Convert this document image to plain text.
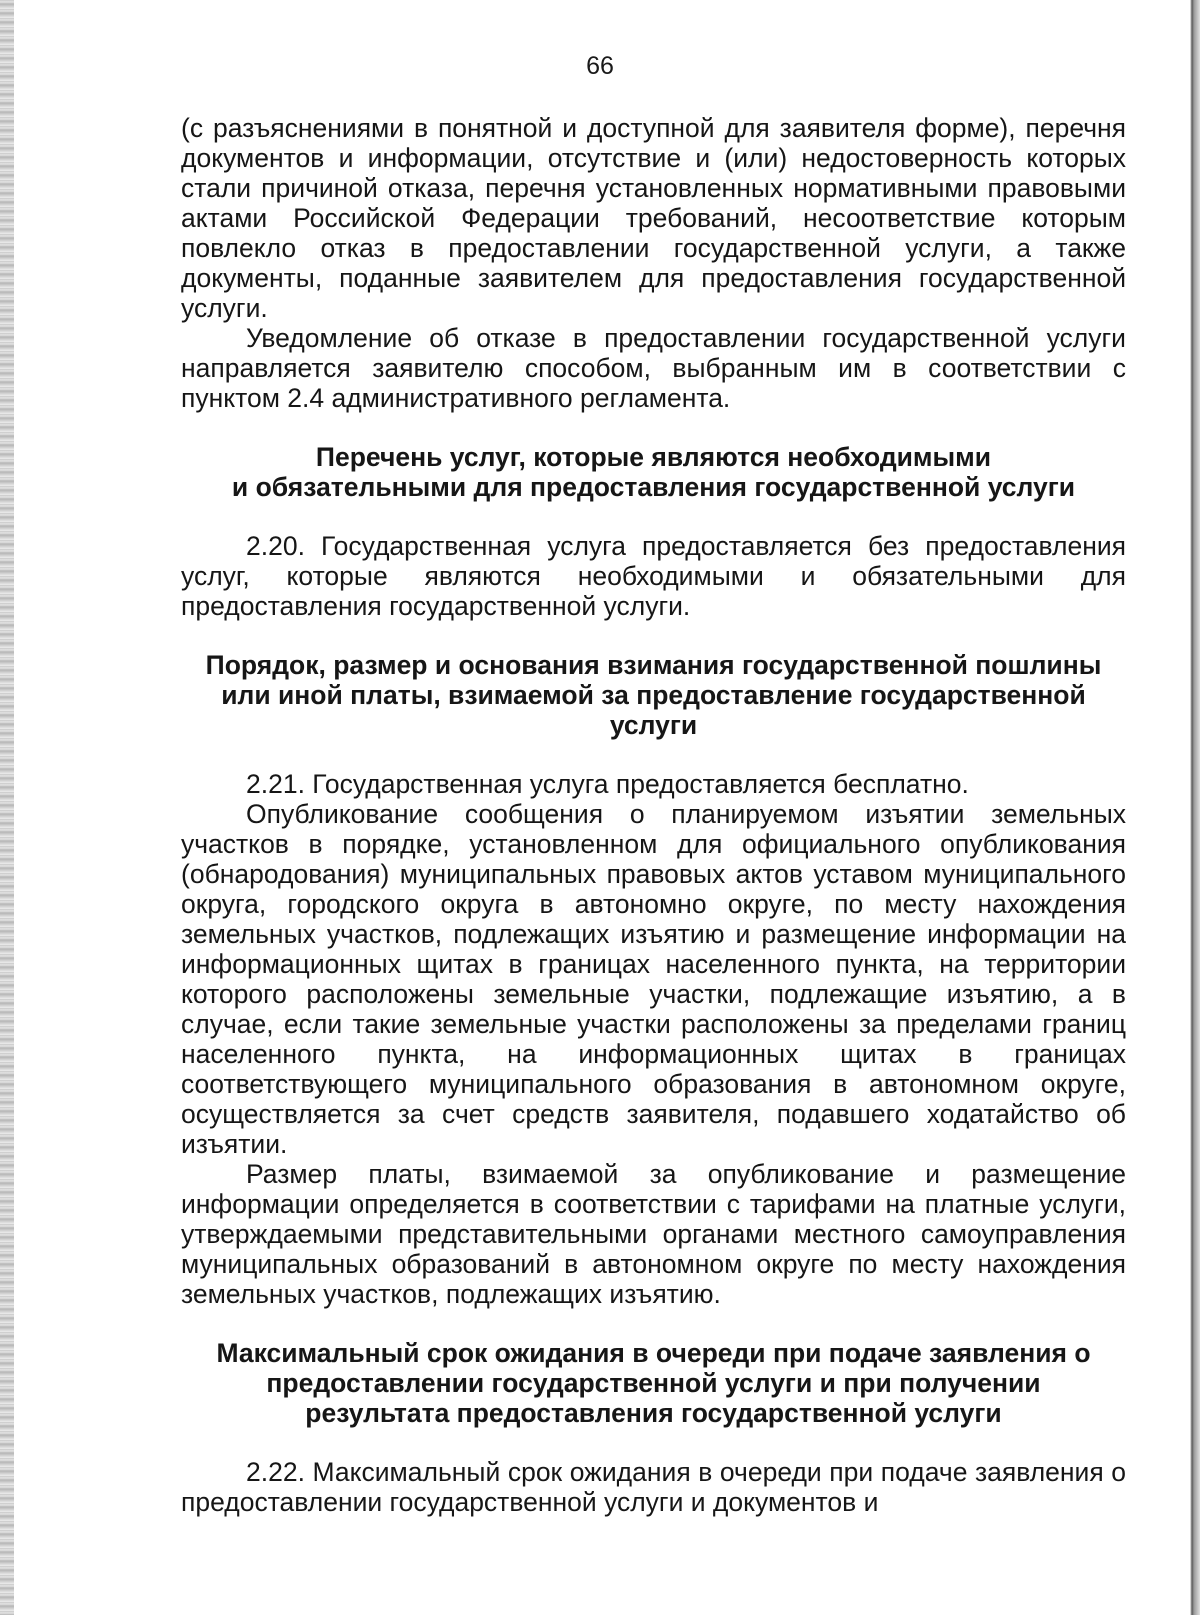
66

(с разъяснениями в понятной и доступной для заявителя форме), перечня документов и информации, отсутствие и (или) недостоверность которых стали причиной отказа, перечня установленных нормативными правовыми актами Российской Федерации требований, несоответствие которым повлекло отказ в предоставлении государственной услуги, а также документы, поданные заявителем для предоставления государственной услуги.

Уведомление об отказе в предоставлении государственной услуги направляется заявителю способом, выбранным им в соответствии с пунктом 2.4 административного регламента.

Перечень услуг, которые являются необходимыми
и обязательными для предоставления государственной услуги

2.20. Государственная услуга предоставляется без предоставления услуг, которые являются необходимыми и обязательными для предоставления государственной услуги.

Порядок, размер и основания взимания государственной пошлины
или иной платы, взимаемой за предоставление государственной
услуги

2.21. Государственная услуга предоставляется бесплатно.

Опубликование сообщения о планируемом изъятии земельных участков в порядке, установленном для официального опубликования (обнародования) муниципальных правовых актов уставом муниципального округа, городского округа в автономно округе, по месту нахождения земельных участков, подлежащих изъятию и размещение информации на информационных щитах в границах населенного пункта, на территории которого расположены земельные участки, подлежащие изъятию, а в случае, если такие земельные участки расположены за пределами границ населенного пункта, на информационных щитах в границах соответствующего муниципального образования в автономном округе, осуществляется за счет средств заявителя, подавшего ходатайство об изъятии.

Размер платы, взимаемой за опубликование и размещение информации определяется в соответствии с тарифами на платные услуги, утверждаемыми представительными органами местного самоуправления муниципальных образований в автономном округе по месту нахождения земельных участков, подлежащих изъятию.

Максимальный срок ожидания в очереди при подаче заявления о
предоставлении государственной услуги и при получении
результата предоставления государственной услуги

2.22. Максимальный срок ожидания в очереди при подаче заявления о предоставлении государственной услуги и документов и
